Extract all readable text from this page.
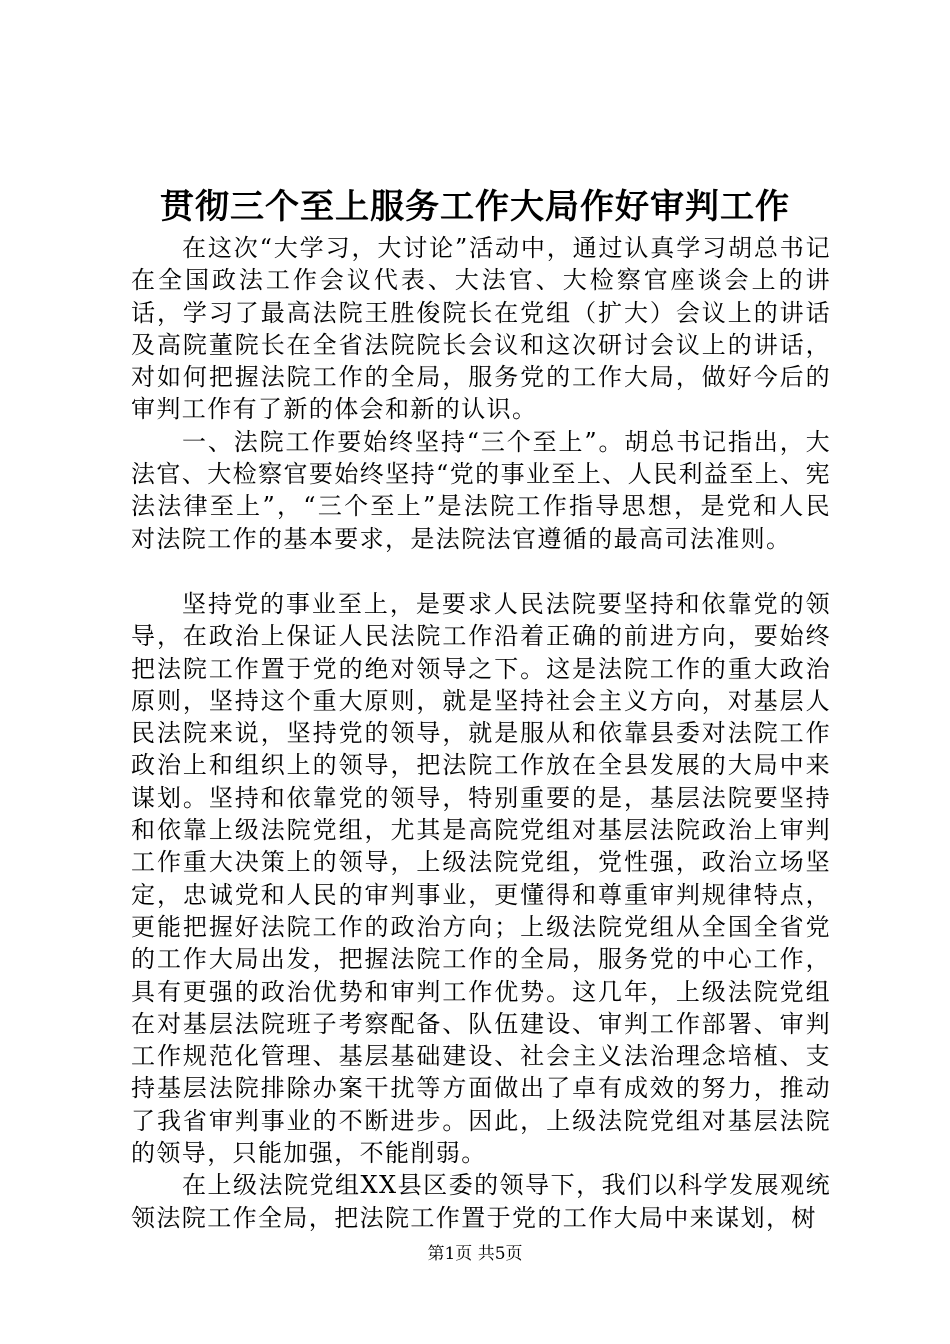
贯彻三个至上服务工作大局作好审判工作

在这次“大学习，大讨论”活动中，通过认真学习胡总书记在全国政法工作会议代表、大法官、大检察官座谈会上的讲话，学习了最高法院王胜俊院长在党组（扩大）会议上的讲话及高院董院长在全省法院院长会议和这次研讨会议上的讲话，对如何把握法院工作的全局，服务党的工作大局，做好今后的审判工作有了新的体会和新的认识。

一、法院工作要始终坚持“三个至上”。胡总书记指出，大法官、大检察官要始终坚持“党的事业至上、人民利益至上、宪法法律至上”，“三个至上”是法院工作指导思想，是党和人民对法院工作的基本要求，是法院法官遵循的最高司法准则。

坚持党的事业至上，是要求人民法院要坚持和依靠党的领导，在政治上保证人民法院工作沿着正确的前进方向，要始终把法院工作置于党的绝对领导之下。这是法院工作的重大政治原则，坚持这个重大原则，就是坚持社会主义方向，对基层人民法院来说，坚持党的领导，就是服从和依靠县委对法院工作政治上和组织上的领导，把法院工作放在全县发展的大局中来谋划。坚持和依靠党的领导，特别重要的是，基层法院要坚持和依靠上级法院党组，尤其是高院党组对基层法院政治上审判工作重大决策上的领导，上级法院党组，党性强，政治立场坚定，忠诚党和人民的审判事业，更懂得和尊重审判规律特点，更能把握好法院工作的政治方向；上级法院党组从全国全省党的工作大局出发，把握法院工作的全局，服务党的中心工作，具有更强的政治优势和审判工作优势。这几年，上级法院党组在对基层法院班子考察配备、队伍建设、审判工作部署、审判工作规范化管理、基层基础建设、社会主义法治理念培植、支持基层法院排除办案干扰等方面做出了卓有成效的努力，推动了我省审判事业的不断进步。因此，上级法院党组对基层法院的领导，只能加强，不能削弱。

在上级法院党组XX县区委的领导下，我们以科学发展观统领法院工作全局，把法院工作置于党的工作大局中来谋划，树

第1页 共5页
